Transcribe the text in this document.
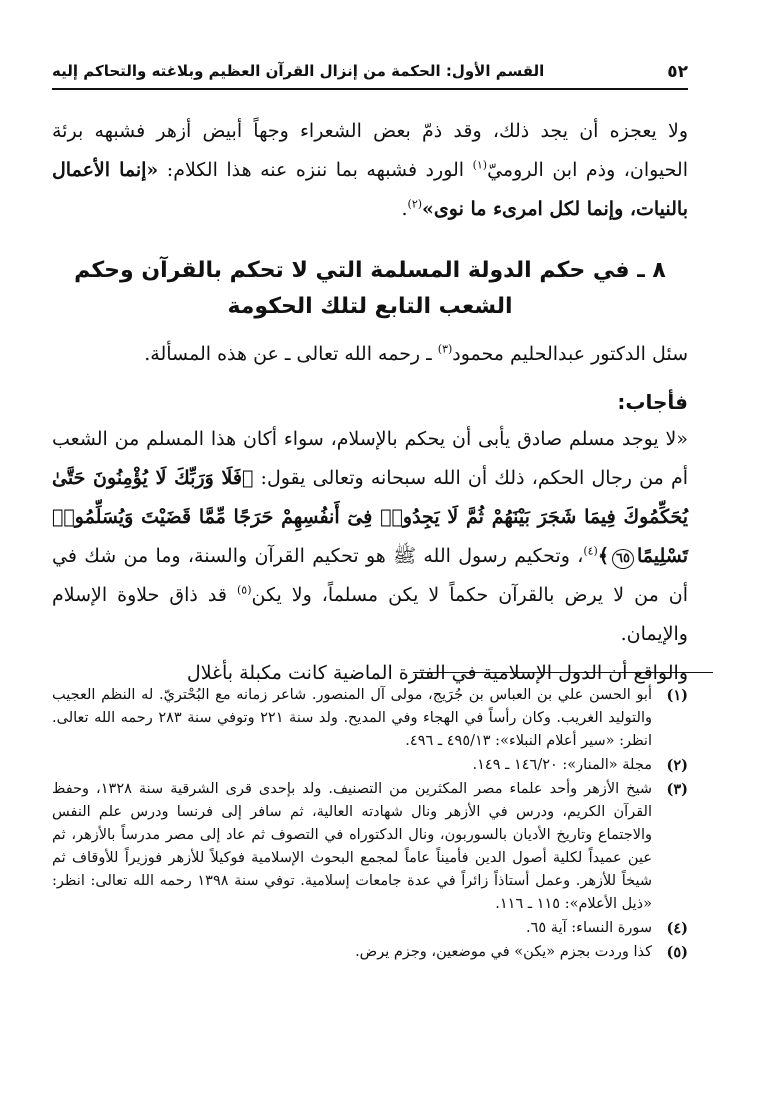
٥٢
القسم الأول: الحكمة من إنزال القرآن العظيم وبلاغته والتحاكم إليه

ولا يعجزه أن يجد ذلك، وقد ذمّ بعض الشعراء وجهاً أبيض أزهر فشبهه برئة الحيوان، وذم ابن الروميّ$^{(١)}$ الورد فشبهه بما ننزه عنه هذا الكلام: «إنما الأعمال بالنيات، وإنما لكل امرىء ما نوى»$^{(٢)}$.

٨ ـ في حكم الدولة المسلمة التي لا تحكم بالقرآن وحكم
الشعب التابع لتلك الحكومة

سئل الدكتور عبدالحليم محمود$^{(٣)}$ ـ رحمه الله تعالى ـ عن هذه المسألة.

فأجاب:

«لا يوجد مسلم صادق يأبى أن يحكم بالإسلام، سواء أكان هذا المسلم من الشعب أم من رجال الحكم، ذلك أن الله سبحانه وتعالى يقول: ﴿فَلَا وَرَبِّكَ لَا يُؤْمِنُونَ حَتَّىٰ يُحَكِّمُوكَ فِيمَا شَجَرَ بَيْنَهُمْ ثُمَّ لَا يَجِدُوا۟ فِىٓ أَنفُسِهِمْ حَرَجًا مِّمَّا قَضَيْتَ وَيُسَلِّمُوا۟ تَسْلِيمًا٦٥﴾$^{(٤)}$، وتحكيم رسول الله ﷺ هو تحكيم القرآن والسنة، وما من شك في أن من لا يرض بالقرآن حكماً لا يكن مسلماً، ولا يكن$^{(٥)}$ قد ذاق حلاوة الإسلام والإيمان.

والواقع أن الدول الإسلامية في الفترة الماضية كانت مكبلة بأغلال

(١)
أبو الحسن علي بن العباس بن جُرَيج، مولى آل المنصور. شاعر زمانه مع البُحْتريّ. له النظم العجيب والتوليد الغريب. وكان رأساً في الهجاء وفي المديح. ولد سنة ٢٢١ وتوفي سنة ٢٨٣ رحمه الله تعالى. انظر: «سير أعلام النبلاء»: ٤٩٥/١٣ ـ ٤٩٦.
(٢)
مجلة «المنار»: ١٤٦/٢٠ ـ ١٤٩.
(٣)
شيخ الأزهر وأحد علماء مصر المكثرين من التصنيف. ولد بإحدى قرى الشرقية سنة ١٣٢٨، وحفظ القرآن الكريم، ودرس في الأزهر ونال شهادته العالية، ثم سافر إلى فرنسا ودرس علم النفس والاجتماع وتاريخ الأديان بالسوربون، ونال الدكتوراه في التصوف ثم عاد إلى مصر مدرساً بالأزهر، ثم عين عميداً لكلية أصول الدين فأميناً عاماً لمجمع البحوث الإسلامية فوكيلاً للأزهر فوزيراً للأوقاف ثم شيخاً للأزهر. وعمل أستاذاً زائراً في عدة جامعات إسلامية. توفي سنة ١٣٩٨ رحمه الله تعالى: انظر: «ذيل الأعلام»: ١١٥ ـ ١١٦.
(٤)
سورة النساء: آية ٦٥.
(٥)
كذا وردت بجزم «يكن» في موضعين، وجزم يرض.
